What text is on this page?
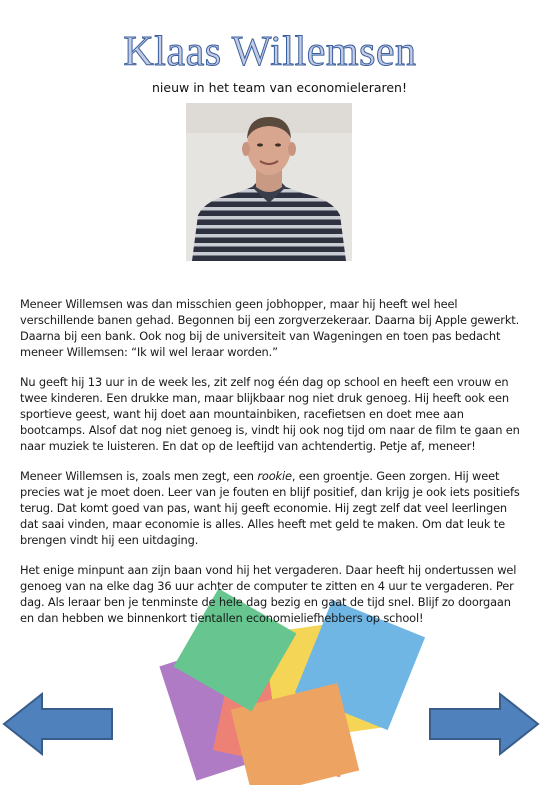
Klaas Willemsen
nieuw in het team van economieleraren!

Meneer Willemsen was dan misschien geen jobhopper, maar hij heeft wel heel verschillende banen gehad. Begonnen bij een zorgverzekeraar. Daarna bij Apple gewerkt. Daarna bij een bank. Ook nog bij de universiteit van Wageningen en toen pas bedacht meneer Willemsen: “Ik wil wel leraar worden.”

Nu geeft hij 13 uur in de week les, zit zelf nog één dag op school en heeft een vrouw en twee kinderen. Een drukke man, maar blijkbaar nog niet druk genoeg. Hij heeft ook een sportieve geest, want hij doet aan mountainbiken, racefietsen en doet mee aan bootcamps. Alsof dat nog niet genoeg is, vindt hij ook nog tijd om naar de film te gaan en naar muziek te luisteren. En dat op de leeftijd van achtendertig. Petje af, meneer!

Meneer Willemsen is, zoals men zegt, een rookie, een groentje. Geen zorgen. Hij weet precies wat je moet doen. Leer van je fouten en blijf positief, dan krijg je ook iets positiefs terug. Dat komt goed van pas, want hij geeft economie. Hij zegt zelf dat veel leerlingen dat saai vinden, maar economie is alles. Alles heeft met geld te maken. Om dat leuk te brengen vindt hij een uitdaging.

Het enige minpunt aan zijn baan vond hij het vergaderen. Daar heeft hij ondertussen wel genoeg van na elke dag 36 uur achter de computer te zitten en 4 uur te vergaderen. Per dag. Als leraar ben je tenminste de hele dag bezig en gaat de tijd snel. Blijf zo doorgaan en dan hebben we binnenkort tientallen economieliefhebbers op school!
